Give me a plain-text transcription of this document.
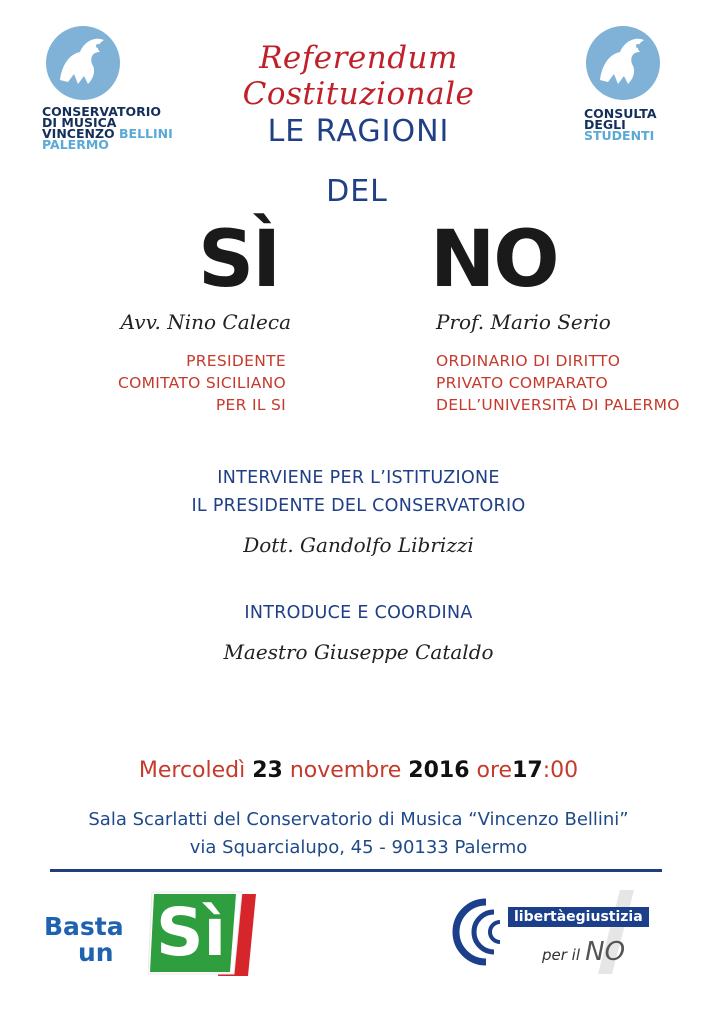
CONSERVATORIO
DI MUSICA
VINCENZO BELLINI
PALERMO
CONSULTA
DEGLI
STUDENTI
Referendum Costituzionale
LE RAGIONI
DEL
SÌ NO
Avv. Nino Caleca
PRESIDENTE
COMITATO SICILIANO
PER IL SI
Prof. Mario Serio
ORDINARIO DI DIRITTO
PRIVATO COMPARATO
DELL’UNIVERSITÀ DI PALERMO
INTERVIENE PER L’ISTITUZIONE
IL PRESIDENTE DEL CONSERVATORIO
Dott. Gandolfo Librizzi
INTRODUCE E COORDINA
Maestro Giuseppe Cataldo
Mercoledì 23 novembre 2016 ore17:00
Sala Scarlatti del Conservatorio di Musica “Vincenzo Bellini”
via Squarcialupo, 45 - 90133 Palermo
Basta
un Sì	libertàegiustizia
per il NO
